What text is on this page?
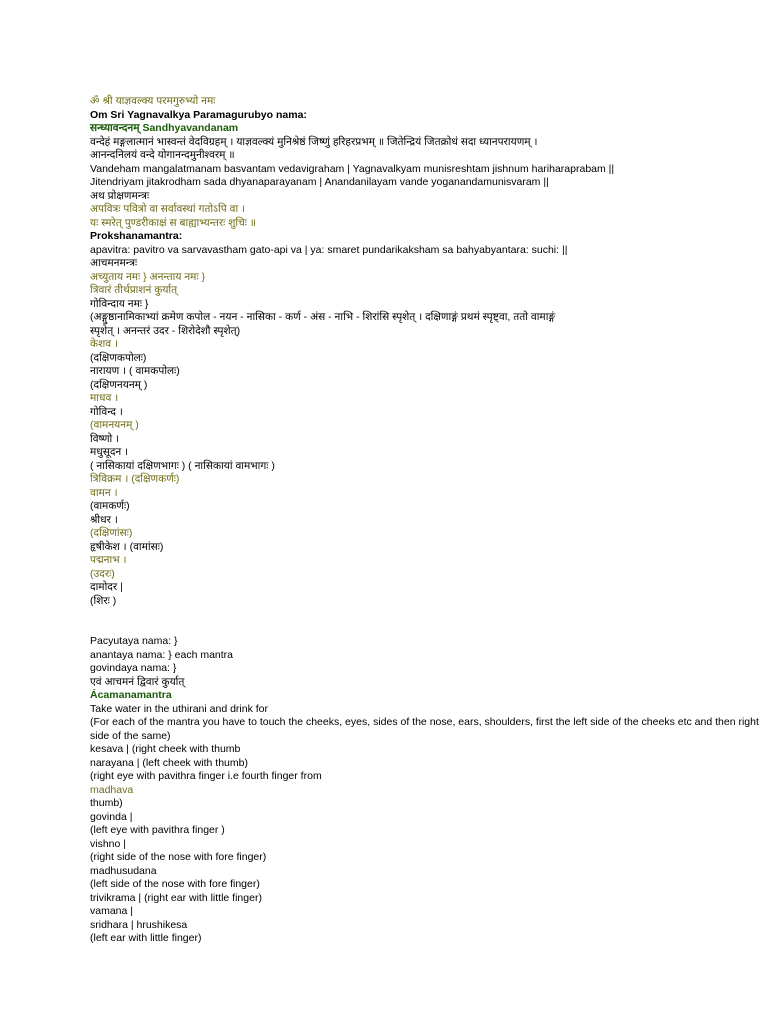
ॐ श्री याज्ञवल्क्य परमगुरुभ्यो नमः
Om Sri Yagnavalkya Paramagurubyo nama:
सन्ध्यावन्दनम् Sandhyavandanam
वन्देहं मङ्गलात्मानं भास्वन्तं वेदविग्रहम् । याज्ञवल्क्यं मुनिश्रेष्ठं जिष्णुं हरिहरप्रभम् ॥ जितेन्द्रियं जितक्रोधं सदा ध्यानपरायणम् ।
आनन्दनिलयं वन्दे योगानन्दमुनीश्वरम् ॥
Vandeham mangalatmanam basvantam vedavigraham | Yagnavalkyam munisreshtam jishnum hariharaprabam ||
Jitendriyam jitakrodham sada dhyanaparayanam | Anandanilayam vande yoganandamunisvaram ||
अथ प्रोक्षणमन्त्रः
अपवित्रः पवित्रो वा सर्वावस्थां गतोऽपि वा ।
यः स्मरेत् पुण्डरीकाक्षं स बाह्याभ्यन्तरः शुचिः ॥
Prokshanamantra:
apavitra: pavitro va sarvavastham gato-api va | ya: smaret pundarikaksham sa bahyabyantara: suchi: ||
आचमनमन्त्रः
अच्युताय नमः } अनन्ताय नमः }
त्रिवारं तीर्थप्राशनं कुर्यात्
गोविन्दाय नमः }
(अङ्गुष्ठानामिकाभ्यां क्रमेण कपोल - नयन - नासिका - कर्ण - अंस - नाभि - शिरांसि स्पृशेत् । दक्षिणाङ्गं प्रथमं स्पृष्ट्वा, ततो वामाङ्गं
स्पृशेत् । अनन्तरं उदर - शिरोदेशौ स्पृशेत्)
केशव ।
(दक्षिणकपोलः)
नारायण । ( वामकपोलः)
(दक्षिणनयनम् )
माधव ।
गोविन्द ।
(वामनयनम् )
विष्णो ।
मधुसूदन ।
( नासिकायां दक्षिणभागः ) ( नासिकायां वामभागः )
त्रिविक्रम । (दक्षिणकर्णः)
वामन ।
(वामकर्णः)
श्रीधर ।
(दक्षिणांसः)
हृषीकेश । (वामांसः)
पद्मनाभ ।
(उदरः)
दामोदर |
(शिरः )
Pacyutaya nama: }
anantaya nama: } each mantra
govindaya nama: }
एवं आचमनं द्विवारं कुर्यात्
Ácamanamantra
Take water in the uthirani and drink for
(For each of the mantra you have to touch the cheeks, eyes, sides of the nose, ears, shoulders, first the left side of the cheeks etc and then right side of the same)
kesava | (right cheek with thumb
narayana | (left cheek with thumb)
(right eye with pavithra finger i.e fourth finger from
madhava
thumb)
govinda |
(left eye with pavithra finger )
vishno |
(right side of the nose with fore finger)
madhusudana
(left side of the nose with fore finger)
trivikrama | (right ear with little finger)
vamana |
sridhara | hrushikesa
(left ear with little finger)
